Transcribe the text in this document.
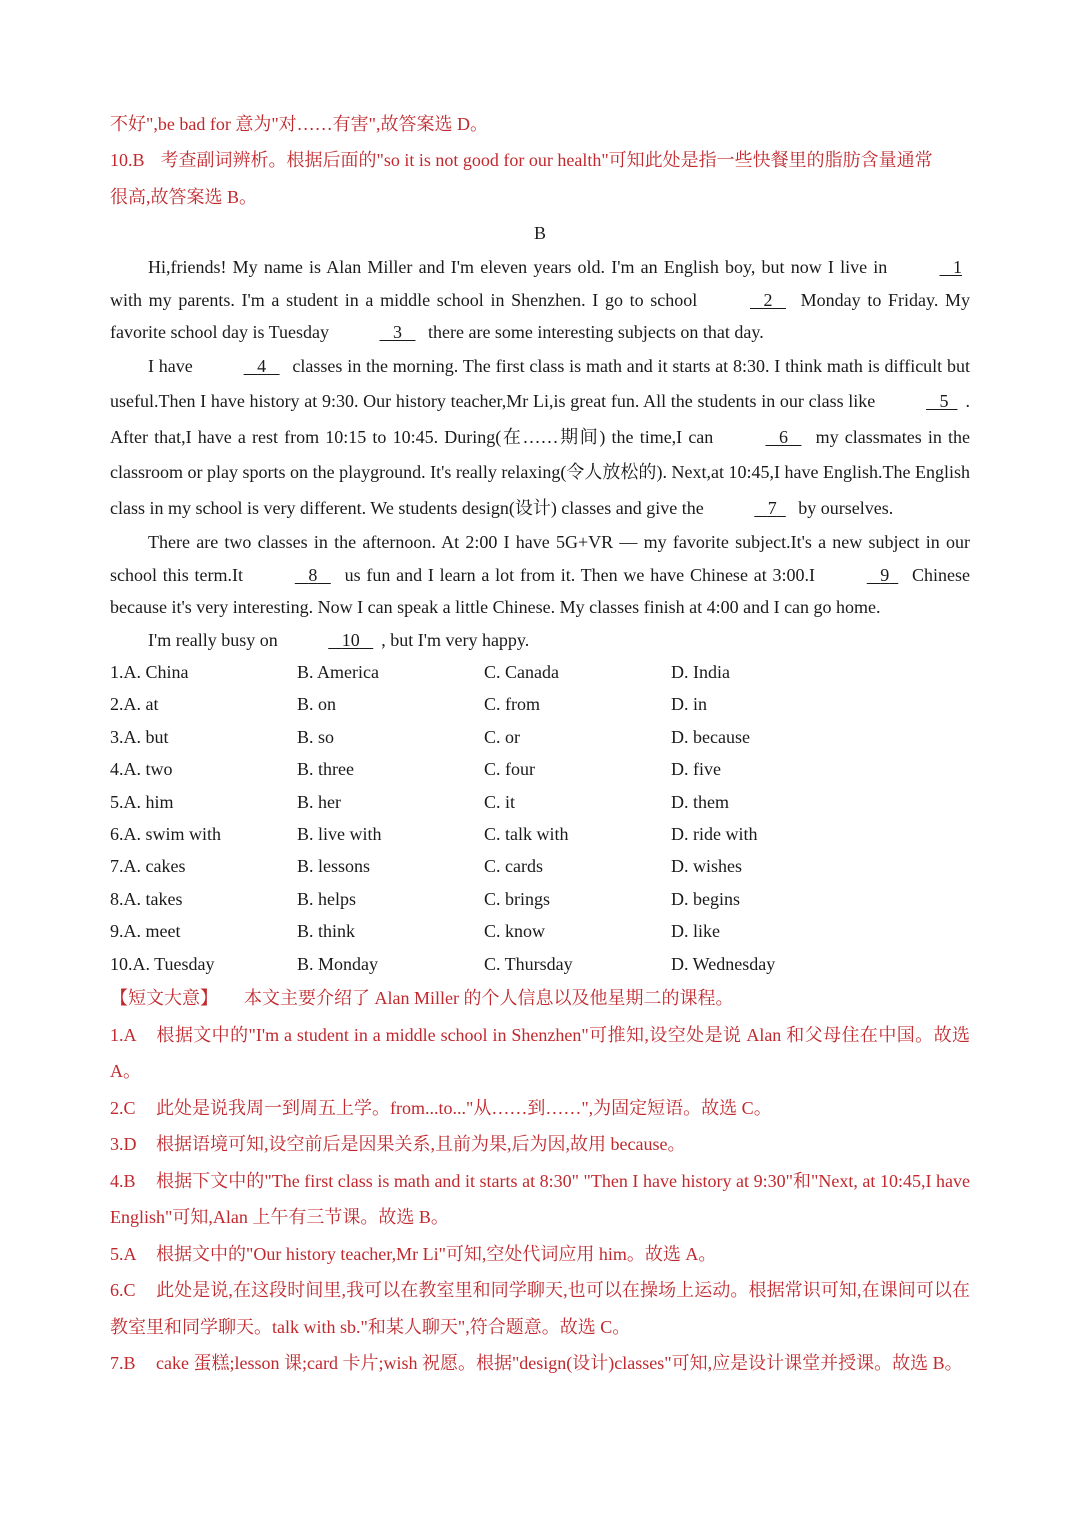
不好",be bad for 意为"对……有害",故答案选 D。

10.B 考查副词辨析。根据后面的"so it is not good for our health"可知此处是指一些快餐里的脂肪含量通常
很高,故答案选 B。

B

Hi,friends! My name is Alan Miller and I'm eleven years old. I'm an English boy, but now I live in	1 with my parents. I'm a student in a middle school in Shenzhen. I go to school	2 Monday to Friday. My favorite school day is Tuesday	3 there are some interesting subjects on that day.

I have	4 classes in the morning. The first class is math and it starts at 8:30. I think math is difficult but useful.Then I have history at 9:30. Our history teacher,Mr Li,is great fun. All the students in our class like	5 . After that,I have a rest from 10:15 to 10:45. During(在……期间) the time,I can	6 my classmates in the classroom or play sports on the playground. It's really relaxing(令人放松的). Next,at 10:45,I have English.The English class in my school is very different. We students design(设计) classes and give the	7 by ourselves.

There are two classes in the afternoon. At 2:00 I have 5G+VR — my favorite subject.It's a new subject in our school this term.It	8 us fun and I learn a lot from it. Then we have Chinese at 3:00.I	9 Chinese because it's very interesting. Now I can speak a little Chinese. My classes finish at 4:00 and I can go home.

I'm really busy on	10 , but I'm very happy.

1.A. China	B. America	C. Canada	D. India
2.A. at	B. on	C. from	D. in
3.A. but	B. so	C. or	D. because
4.A. two	B. three	C. four	D. five
5.A. him	B. her	C. it	D. them
6.A. swim with	B. live with	C. talk with	D. ride with
7.A. cakes	B. lessons	C. cards	D. wishes
8.A. takes	B. helps	C. brings	D. begins
9.A. meet	B. think	C. know	D. like
10.A. Tuesday	B. Monday	C. Thursday	D. Wednesday

【短文大意】 本文主要介绍了 Alan Miller 的个人信息以及他星期二的课程。

1.A 根据文中的"I'm a student in a middle school in Shenzhen"可推知,设空处是说 Alan 和父母住在中国。故选 A。

2.C 此处是说我周一到周五上学。from...to..."从……到……",为固定短语。故选 C。

3.D 根据语境可知,设空前后是因果关系,且前为果,后为因,故用 because。

4.B 根据下文中的"The first class is math and it starts at 8:30" "Then I have history at 9:30"和"Next, at 10:45,I have English"可知,Alan 上午有三节课。故选 B。

5.A 根据文中的"Our history teacher,Mr Li"可知,空处代词应用 him。故选 A。

6.C 此处是说,在这段时间里,我可以在教室里和同学聊天,也可以在操场上运动。根据常识可知,在课间可以在教室里和同学聊天。talk with sb."和某人聊天",符合题意。故选 C。

7.B cake 蛋糕;lesson 课;card 卡片;wish 祝愿。根据"design(设计)classes"可知,应是设计课堂并授课。故选 B。
